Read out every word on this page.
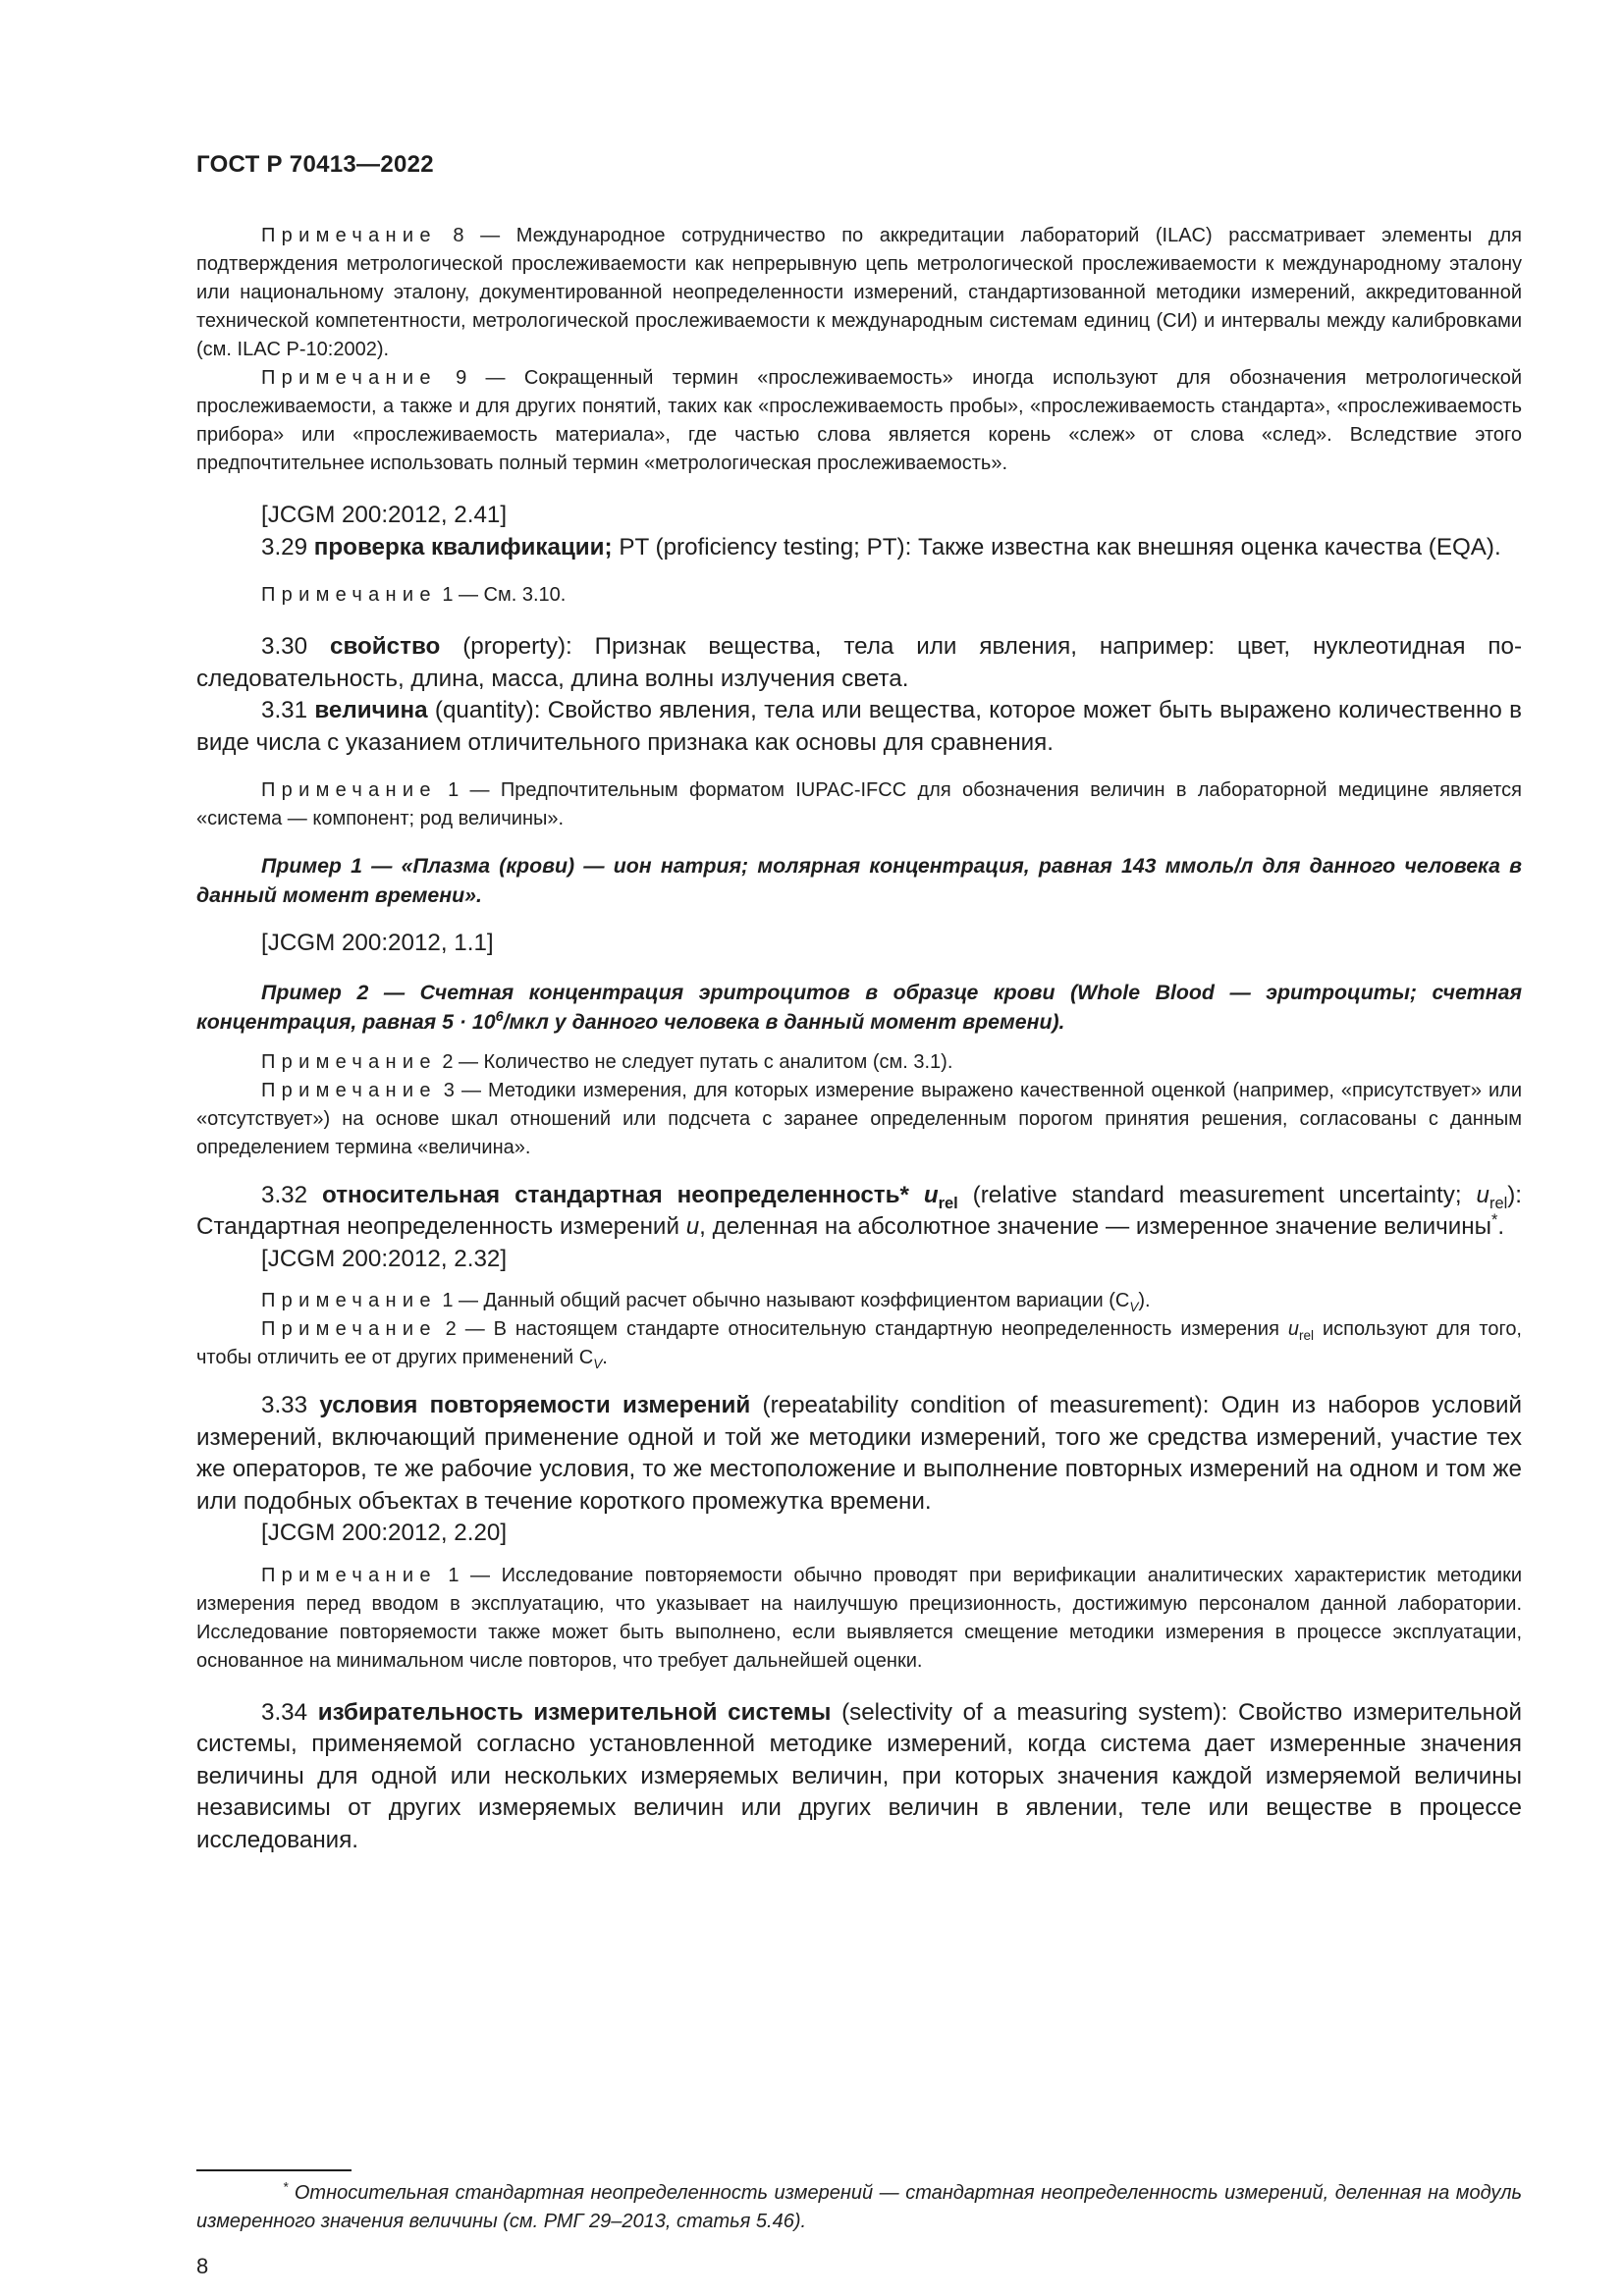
ГОСТ Р 70413—2022

Примечание 8 — Международное сотрудничество по аккредитации лабораторий (ILAC) рассматривает элементы для подтверждения метрологической прослеживаемости как непрерывную цепь метрологической прослеживаемости к международному эталону или национальному эталону, документированной неопределенности измерений, стандартизованной методики измерений, аккредитованной технической компетентности, метрологической прослеживаемости к международным системам единиц (СИ) и интервалы между калибровками (см. ILAC P-10:2002).

Примечание 9 — Сокращенный термин «прослеживаемость» иногда используют для обозначения метрологической прослеживаемости, а также и для других понятий, таких как «прослеживаемость пробы», «прослеживаемость стандарта», «прослеживаемость прибора» или «прослеживаемость материала», где частью слова является корень «слеж» от слова «след». Вследствие этого предпочтительнее использовать полный термин «метрологическая прослеживаемость».

[JCGM 200:2012, 2.41]

3.29 проверка квалификации; PT (proficiency testing; PT): Также известна как внешняя оценка качества (EQA).

Примечание 1 — См. 3.10.

3.30 свойство (property): Признак вещества, тела или явления, например: цвет, нуклеотидная последовательность, длина, масса, длина волны излучения света.

3.31 величина (quantity): Свойство явления, тела или вещества, которое может быть выражено количественно в виде числа с указанием отличительного признака как основы для сравнения.

Примечание 1 — Предпочтительным форматом IUPAC-IFCC для обозначения величин в лабораторной медицине является «система — компонент; род величины».

Пример 1 — «Плазма (крови) — ион натрия; молярная концентрация, равная 143 ммоль/л для данного человека в данный момент времени».

[JCGM 200:2012, 1.1]

Пример 2 — Счетная концентрация эритроцитов в образце крови (Whole Blood — эритроциты; счетная концентрация, равная $5 \cdot 10^6$/мкл у данного человека в данный момент времени).

Примечание 2 — Количество не следует путать с аналитом (см. 3.1).

Примечание 3 — Методики измерения, для которых измерение выражено качественной оценкой (например, «присутствует» или «отсутствует») на основе шкал отношений или подсчета с заранее определенным порогом принятия решения, согласованы с данным определением термина «величина».

3.32 относительная стандартная неопределенность* $u_{rel}$ (relative standard measurement uncertainty; $u_{rel}$): Стандартная неопределенность измерений u, деленная на абсолютное значение — измеренное значение величины*.

[JCGM 200:2012, 2.32]

Примечание 1 — Данный общий расчет обычно называют коэффициентом вариации $(C_V)$.

Примечание 2 — В настоящем стандарте относительную стандартную неопределенность измерения $u_{rel}$ используют для того, чтобы отличить ее от других применений $C_V$.

3.33 условия повторяемости измерений (repeatability condition of measurement): Один из наборов условий измерений, включающий применение одной и той же методики измерений, того же средства измерений, участие тех же операторов, те же рабочие условия, то же местоположение и выполнение повторных измерений на одном и том же или подобных объектах в течение короткого промежутка времени.

[JCGM 200:2012, 2.20]

Примечание 1 — Исследование повторяемости обычно проводят при верификации аналитических характеристик методики измерения перед вводом в эксплуатацию, что указывает на наилучшую прецизионность, достижимую персоналом данной лаборатории. Исследование повторяемости также может быть выполнено, если выявляется смещение методики измерения в процессе эксплуатации, основанное на минимальном числе повторов, что требует дальнейшей оценки.

3.34 избирательность измерительной системы (selectivity of a measuring system): Свойство измерительной системы, применяемой согласно установленной методике измерений, когда система дает измеренные значения величины для одной или нескольких измеряемых величин, при которых значения каждой измеряемой величины независимы от других измеряемых величин или других величин в явлении, теле или веществе в процессе исследования.

* Относительная стандартная неопределенность измерений — стандартная неопределенность измерений, деленная на модуль измеренного значения величины (см. РМГ 29–2013, статья 5.46).

8
